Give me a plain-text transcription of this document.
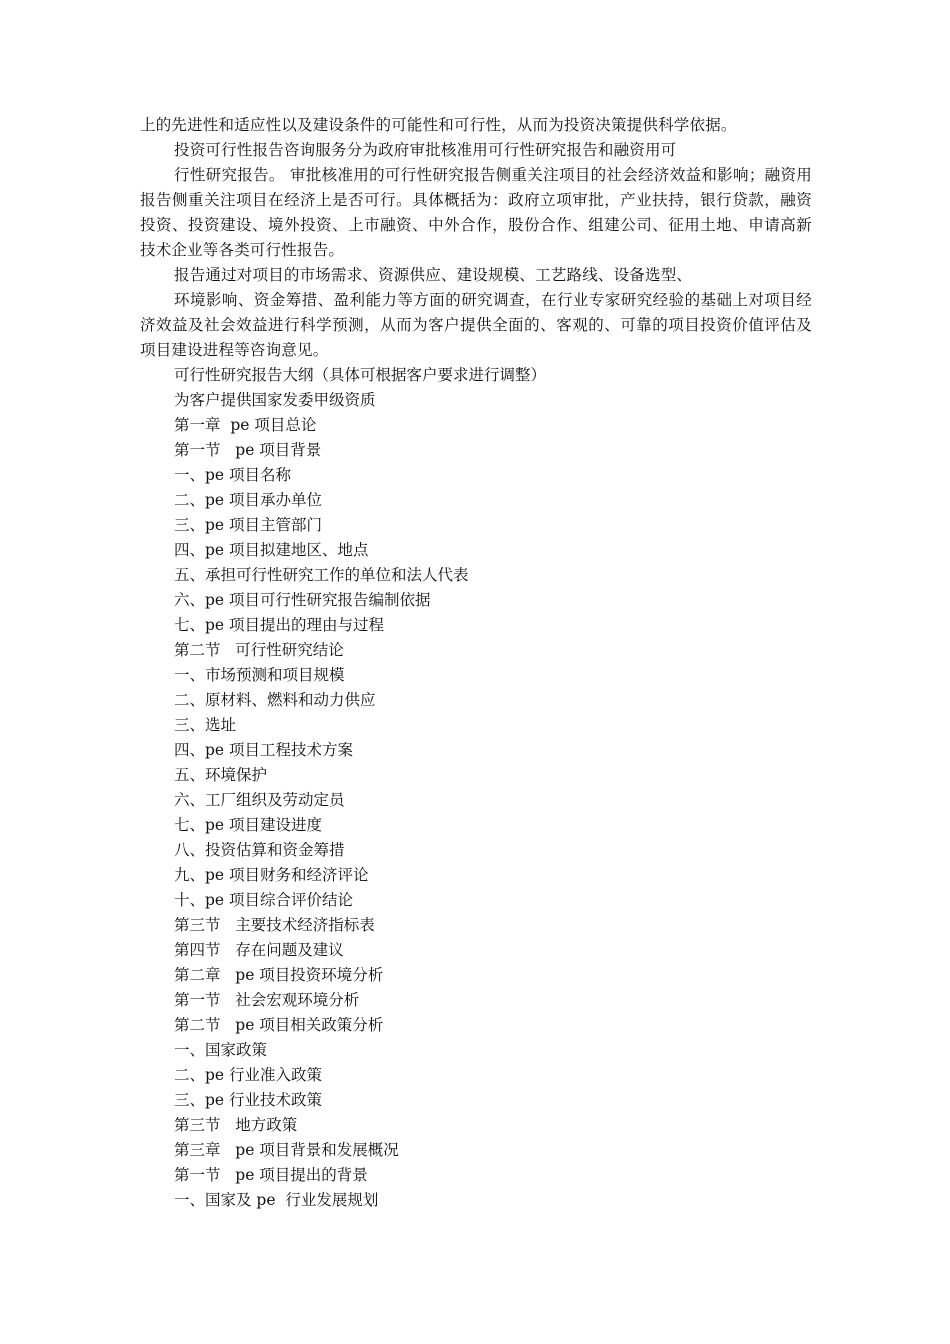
上的先进性和适应性以及建设条件的可能性和可行性，从而为投资决策提供科学依据。

投资可行性报告咨询服务分为政府审批核准用可行性研究报告和融资用可

行性研究报告。 审批核准用的可行性研究报告侧重关注项目的社会经济效益和影响；融资用报告侧重关注项目在经济上是否可行。具体概括为：政府立项审批，产业扶持，银行贷款，融资投资、投资建设、境外投资、上市融资、中外合作，股份合作、组建公司、征用土地、申请高新技术企业等各类可行性报告。

报告通过对项目的市场需求、资源供应、建设规模、工艺路线、设备选型、

环境影响、资金筹措、盈利能力等方面的研究调查，在行业专家研究经验的基础上对项目经济效益及社会效益进行科学预测，从而为客户提供全面的、客观的、可靠的项目投资价值评估及项目建设进程等咨询意见。

可行性研究报告大纲（具体可根据客户要求进行调整）
为客户提供国家发委甲级资质
第一章  pe 项目总论
第一节   pe 项目背景
一、pe 项目名称
二、pe 项目承办单位
三、pe 项目主管部门
四、pe 项目拟建地区、地点
五、承担可行性研究工作的单位和法人代表
六、pe 项目可行性研究报告编制依据
七、pe 项目提出的理由与过程
第二节   可行性研究结论
一、市场预测和项目规模
二、原材料、燃料和动力供应
三、选址
四、pe 项目工程技术方案
五、环境保护
六、工厂组织及劳动定员
七、pe 项目建设进度
八、投资估算和资金筹措
九、pe 项目财务和经济评论
十、pe 项目综合评价结论
第三节   主要技术经济指标表
第四节   存在问题及建议
第二章   pe 项目投资环境分析
第一节   社会宏观环境分析
第二节   pe 项目相关政策分析
一、国家政策
二、pe 行业准入政策
三、pe 行业技术政策
第三节   地方政策
第三章   pe 项目背景和发展概况
第一节   pe 项目提出的背景
一、国家及 pe  行业发展规划
